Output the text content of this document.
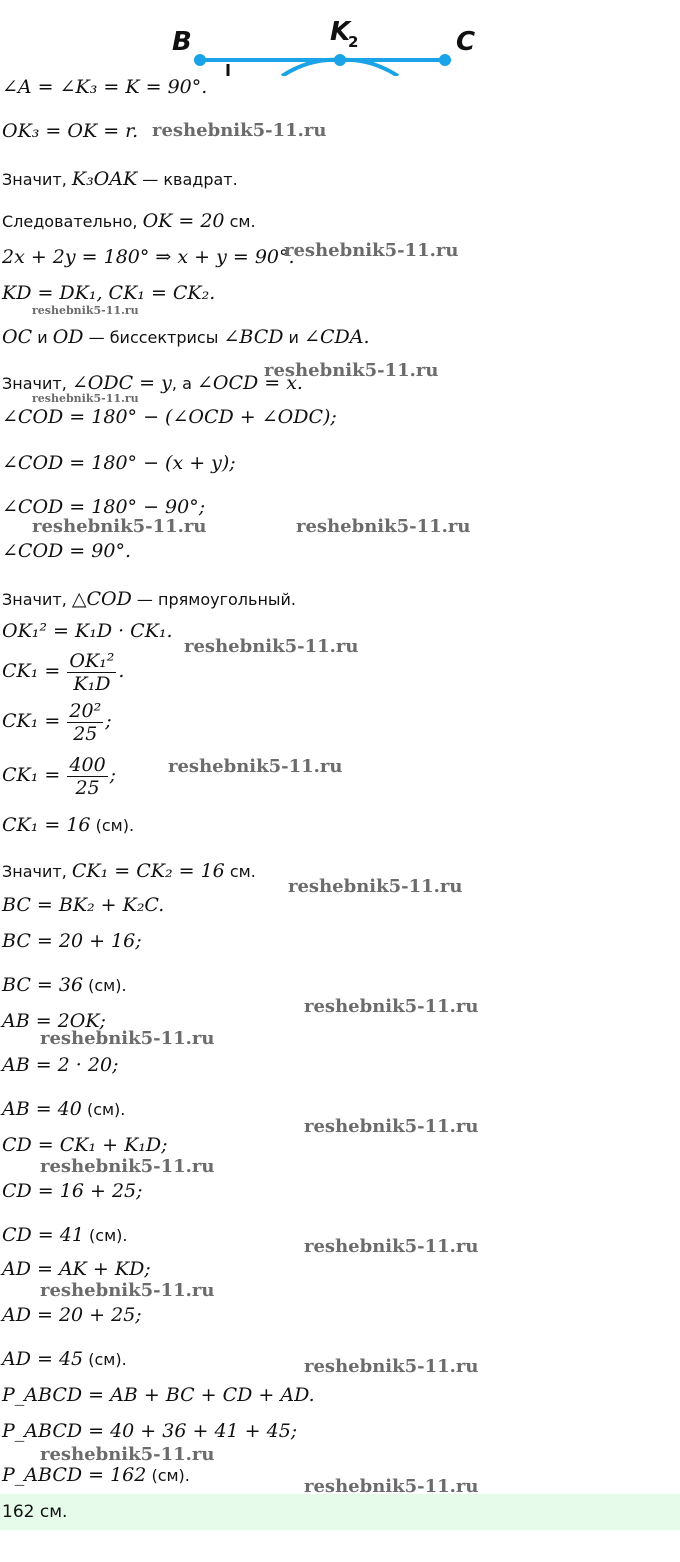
B	K
2	C
∠A = ∠K₃ = K = 90°.
OK₃ = OK = r.
Значит, K₃OAK — квадрат.
Следовательно, OK = 20 см.
2x + 2y = 180° ⇒ x + y = 90°.
KD = DK₁, CK₁ = CK₂.
OC и OD — биссектрисы ∠BCD и ∠CDA.
Значит, ∠ODC = y, а ∠OCD = x.
∠COD = 180° − (∠OCD + ∠ODC);
∠COD = 180° − (x + y);
∠COD = 180° − 90°;
∠COD = 90°.
Значит, △COD — прямоугольный.
OK₁² = K₁D · CK₁.
$CK_1 = \frac{\text{OK₁²}}{\text{K₁D}}$ .
$CK_1 = \frac{\text{20²}}{25}$ ;
$CK_1 = \frac{400}{25}$ ;
CK₁ = 16 (см).
Значит, CK₁ = CK₂ = 16 см.
BC = BK₂ + K₂C.
BC = 20 + 16;
BC = 36 (см).
AB = 2OK;
AB = 2 · 20;
AB = 40 (см).
CD = CK₁ + K₁D;
CD = 16 + 25;
CD = 41 (см).
AD = AK + KD;
AD = 20 + 25;
AD = 45 (см).
P_ABCD = AB + BC + CD + AD.
P_ABCD = 40 + 36 + 41 + 45;
P_ABCD = 162 (см).
162 см.
reshebnik5-11.ru
reshebnik5-11.ru
reshebnik5-11.ru
reshebnik5-11.ru
reshebnik5-11.ru
reshebnik5-11.ru	reshebnik5-11.ru
reshebnik5-11.ru
reshebnik5-11.ru
reshebnik5-11.ru
reshebnik5-11.ru
reshebnik5-11.ru
reshebnik5-11.ru
reshebnik5-11.ru
reshebnik5-11.ru
reshebnik5-11.ru
reshebnik5-11.ru
reshebnik5-11.ru
reshebnik5-11.ru
